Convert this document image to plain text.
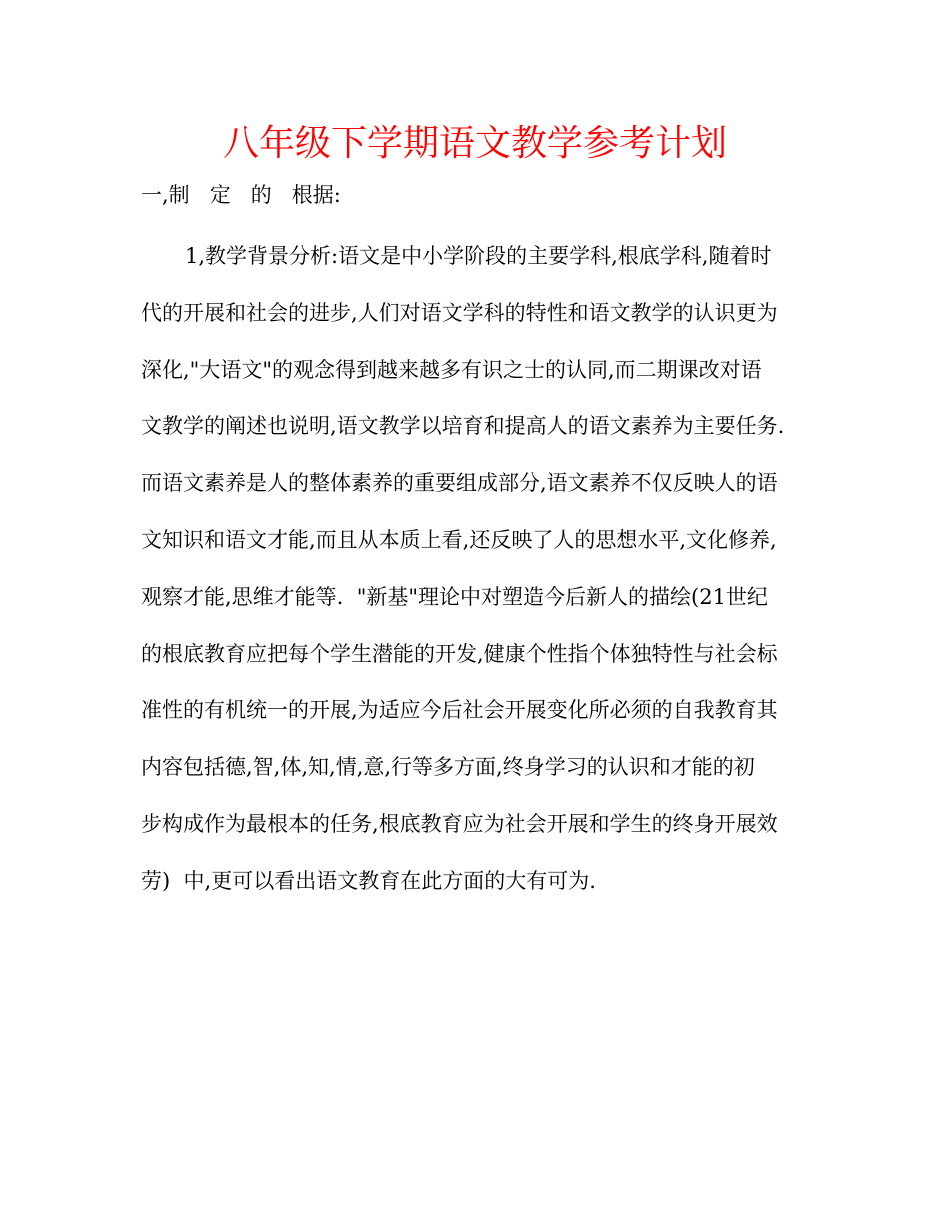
八年级下学期语文教学参考计划

一,制   定   的   根据:

1,教学背景分析:语文是中小学阶段的主要学科,根底学科,随着时
代的开展和社会的进步,人们对语文学科的特性和语文教学的认识更为
深化,"大语文"的观念得到越来越多有识之士的认同,而二期课改对语
文教学的阐述也说明,语文教学以培育和提高人的语文素养为主要任务.
而语文素养是人的整体素养的重要组成部分,语文素养不仅反映人的语
文知识和语文才能,而且从本质上看,还反映了人的思想水平,文化修养,
观察才能,思维才能等.  "新基"理论中对塑造今后新人的描绘(21世纪
的根底教育应把每个学生潜能的开发,健康个性指个体独特性与社会标
准性的有机统一的开展,为适应今后社会开展变化所必须的自我教育其
内容包括德,智,体,知,情,意,行等多方面,终身学习的认识和才能的初
步构成作为最根本的任务,根底教育应为社会开展和学生的终身开展效
劳)  中,更可以看出语文教育在此方面的大有可为.
